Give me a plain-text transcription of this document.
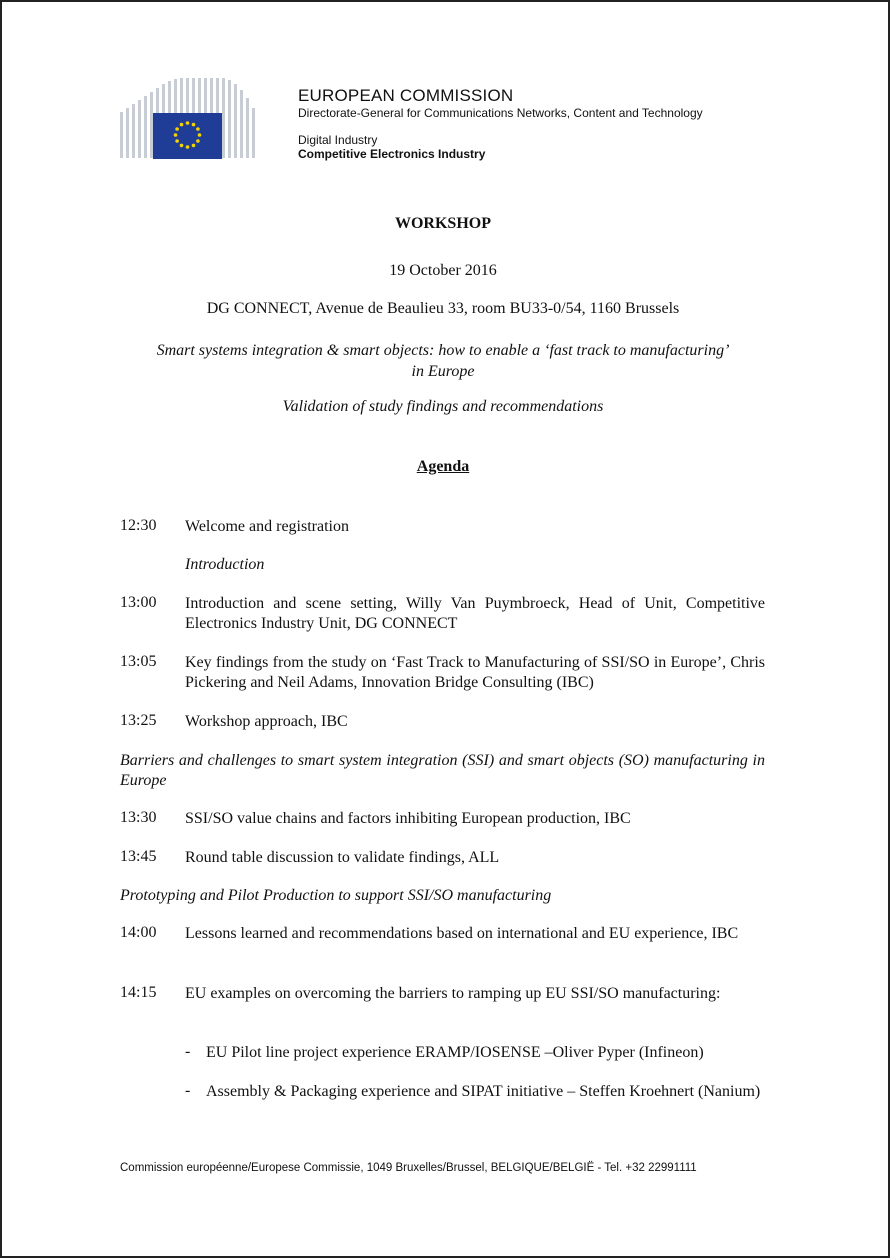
EUROPEAN COMMISSION
Directorate-General for Communications Networks, Content and Technology
Digital Industry
Competitive Electronics Industry
WORKSHOP
19 October 2016
DG CONNECT, Avenue de Beaulieu 33, room BU33-0/54, 1160 Brussels
Smart systems integration & smart objects: how to enable a ‘fast track to manufacturing’ in Europe
Validation of study findings and recommendations
Agenda
12:30 Welcome and registration
Introduction
13:00 Introduction and scene setting, Willy Van Puymbroeck, Head of Unit, Competitive Electronics Industry Unit, DG CONNECT
13:05 Key findings from the study on ‘Fast Track to Manufacturing of SSI/SO in Europe’, Chris Pickering and Neil Adams, Innovation Bridge Consulting (IBC)
13:25 Workshop approach, IBC
Barriers and challenges to smart system integration (SSI) and smart objects (SO) manufacturing in Europe
13:30 SSI/SO value chains and factors inhibiting European production, IBC
13:45 Round table discussion to validate findings, ALL
Prototyping and Pilot Production to support SSI/SO manufacturing
14:00 Lessons learned and recommendations based on international and EU experience, IBC
14:15 EU examples on overcoming the barriers to ramping up EU SSI/SO manufacturing:
- EU Pilot line project experience ERAMP/IOSENSE –Oliver Pyper (Infineon)
- Assembly & Packaging experience and SIPAT initiative – Steffen Kroehnert (Nanium)
Commission européenne/Europese Commissie, 1049 Bruxelles/Brussel, BELGIQUE/BELGIË - Tel. +32 22991111
